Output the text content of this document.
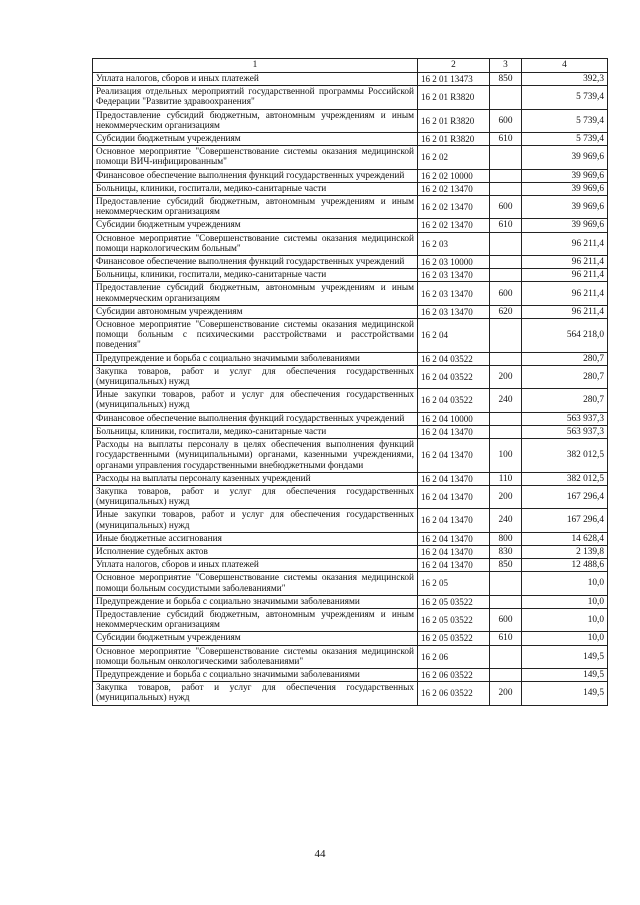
1	2	3	4
Уплата налогов, сборов и иных платежей	16 2 01 13473	850	392,3
Реализация отдельных мероприятий государственной программы Российской Федерации "Развитие здравоохранения"	16 2 01 R3820		5 739,4
Предоставление субсидий бюджетным, автономным учреждениям и иным некоммерческим организациям	16 2 01 R3820	600	5 739,4
Субсидии бюджетным учреждениям	16 2 01 R3820	610	5 739,4
Основное мероприятие "Совершенствование системы оказания медицинской помощи ВИЧ-инфицированным"	16 2 02		39 969,6
Финансовое обеспечение выполнения функций государственных учреждений	16 2 02 10000		39 969,6
Больницы, клиники, госпитали, медико-санитарные части	16 2 02 13470		39 969,6
Предоставление субсидий бюджетным, автономным учреждениям и иным некоммерческим организациям	16 2 02 13470	600	39 969,6
Субсидии бюджетным учреждениям	16 2 02 13470	610	39 969,6
Основное мероприятие "Совершенствование системы оказания медицинской помощи наркологическим больным"	16 2 03		96 211,4
Финансовое обеспечение выполнения функций государственных учреждений	16 2 03 10000		96 211,4
Больницы, клиники, госпитали, медико-санитарные части	16 2 03 13470		96 211,4
Предоставление субсидий бюджетным, автономным учреждениям и иным некоммерческим организациям	16 2 03 13470	600	96 211,4
Субсидии автономным учреждениям	16 2 03 13470	620	96 211,4
Основное мероприятие "Совершенствование системы оказания медицинской помощи больным с психическими расстройствами и расстройствами поведения"	16 2 04		564 218,0
Предупреждение и борьба с социально значимыми заболеваниями	16 2 04 03522		280,7
Закупка товаров, работ и услуг для обеспечения государственных (муниципальных) нужд	16 2 04 03522	200	280,7
Иные закупки товаров, работ и услуг для обеспечения государственных (муниципальных) нужд	16 2 04 03522	240	280,7
Финансовое обеспечение выполнения функций государственных учреждений	16 2 04 10000		563 937,3
Больницы, клиники, госпитали, медико-санитарные части	16 2 04 13470		563 937,3
Расходы на выплаты персоналу в целях обеспечения выполнения функций государственными (муниципальными) органами, казенными учреждениями, органами управления государственными внебюджетными фондами	16 2 04 13470	100	382 012,5
Расходы на выплаты персоналу казенных учреждений	16 2 04 13470	110	382 012,5
Закупка товаров, работ и услуг для обеспечения государственных (муниципальных) нужд	16 2 04 13470	200	167 296,4
Иные закупки товаров, работ и услуг для обеспечения государственных (муниципальных) нужд	16 2 04 13470	240	167 296,4
Иные бюджетные ассигнования	16 2 04 13470	800	14 628,4
Исполнение судебных актов	16 2 04 13470	830	2 139,8
Уплата налогов, сборов и иных платежей	16 2 04 13470	850	12 488,6
Основное мероприятие "Совершенствование системы оказания медицинской помощи больным сосудистыми заболеваниями"	16 2 05		10,0
Предупреждение и борьба с социально значимыми заболеваниями	16 2 05 03522		10,0
Предоставление субсидий бюджетным, автономным учреждениям и иным некоммерческим организациям	16 2 05 03522	600	10,0
Субсидии бюджетным учреждениям	16 2 05 03522	610	10,0
Основное мероприятие "Совершенствование системы оказания медицинской помощи больным онкологическими заболеваниями"	16 2 06		149,5
Предупреждение и борьба с социально значимыми заболеваниями	16 2 06 03522		149,5
Закупка товаров, работ и услуг для обеспечения государственных (муниципальных) нужд	16 2 06 03522	200	149,5
44
